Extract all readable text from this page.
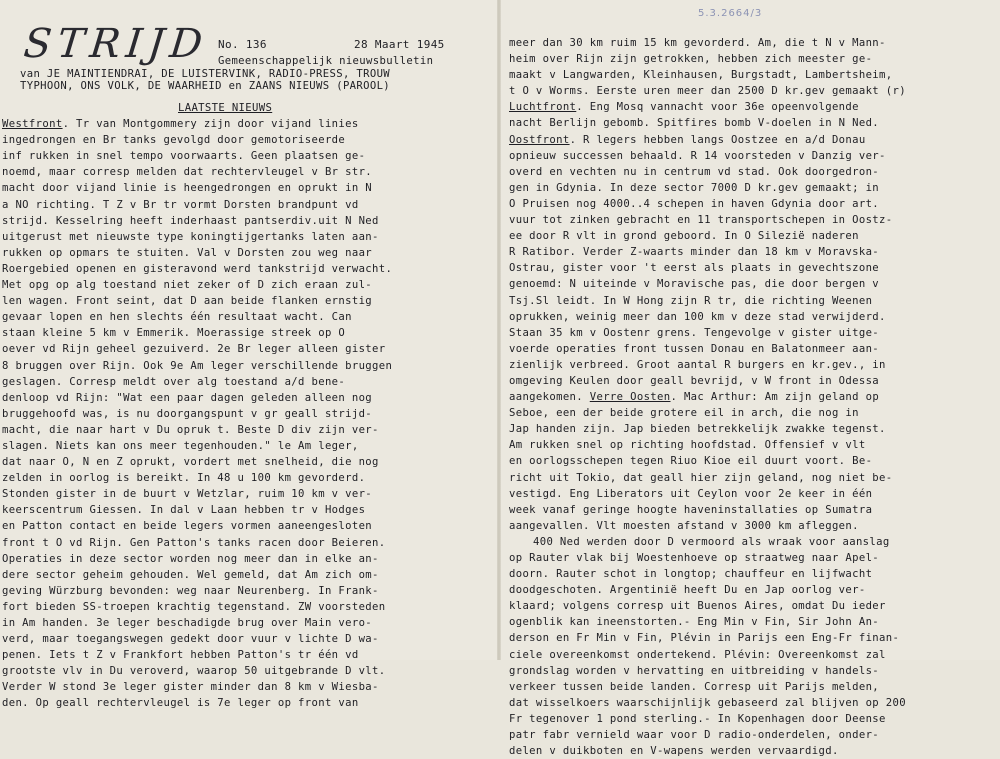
5.3.2664/3
STRIJD No. 136	28 Maart 1945
Gemeenschappelijk nieuwsbulletin
van JE MAINTIENDRAI, DE LUISTERVINK, RADIO-PRESS, TROUW
TYPHOON, ONS VOLK, DE WAARHEID en ZAANS NIEUWS (PAROOL)
LAATSTE NIEUWS
Westfront. Tr van Montgommery zijn door vijand linies
ingedrongen en Br tanks gevolgd door gemotoriseerde
inf rukken in snel tempo voorwaarts. Geen plaatsen ge-
noemd, maar corresp melden dat rechtervleugel v Br str.
macht door vijand linie is heengedrongen en oprukt in N
a NO richting. T Z v Br tr vormt Dorsten brandpunt vd
strijd. Kesselring heeft inderhaast pantserdiv.uit N Ned
uitgerust met nieuwste type koningtijgertanks laten aan-
rukken op opmars te stuiten. Val v Dorsten zou weg naar
Roergebied openen en gisteravond werd tankstrijd verwacht.
Met opg op alg toestand niet zeker of D zich eraan zul-
len wagen. Front seint, dat D aan beide flanken ernstig
gevaar lopen en hen slechts één resultaat wacht. Can
staan kleine 5 km v Emmerik. Moerassige streek op O
oever vd Rijn geheel gezuiverd. 2e Br leger alleen gister
8 bruggen over Rijn. Ook 9e Am leger verschillende bruggen
geslagen. Corresp meldt over alg toestand a/d bene-
denloop vd Rijn: "Wat een paar dagen geleden alleen nog
bruggehoofd was, is nu doorgangspunt v gr geall strijd-
macht, die naar hart v Du opruk t. Beste D div zijn ver-
slagen. Niets kan ons meer tegenhouden." le Am leger,
dat naar O, N en Z oprukt, vordert met snelheid, die nog
zelden in oorlog is bereikt. In 48 u 100 km gevorderd.
Stonden gister in de buurt v Wetzlar, ruim 10 km v ver-
keerscentrum Giessen. In dal v Laan hebben tr v Hodges
en Patton contact en beide legers vormen aaneengesloten
front t O vd Rijn. Gen Patton's tanks racen door Beieren.
Operaties in deze sector worden nog meer dan in elke an-
dere sector geheim gehouden. Wel gemeld, dat Am zich om-
geving Würzburg bevonden: weg naar Neurenberg. In Frank-
fort bieden SS-troepen krachtig tegenstand. ZW voorsteden
in Am handen. 3e leger beschadigde brug over Main vero-
verd, maar toegangswegen gedekt door vuur v lichte D wa-
penen. Iets t Z v Frankfort hebben Patton's tr één vd
grootste vlv in Du veroverd, waarop 50 uitgebrande D vlt.
Verder W stond 3e leger gister minder dan 8 km v Wiesba-
den. Op geall rechtervleugel is 7e leger op front van
meer dan 30 km ruim 15 km gevorderd. Am, die t N v Mann-
heim over Rijn zijn getrokken, hebben zich meester ge-
maakt v Langwarden, Kleinhausen, Burgstadt, Lambertsheim,
t O v Worms. Eerste uren meer dan 2500 D kr.gev gemaakt (r)
Luchtfront. Eng Mosq vannacht voor 36e opeenvolgende
nacht Berlijn gebomb. Spitfires bomb V-doelen in N Ned.
Oostfront. R legers hebben langs Oostzee en a/d Donau
opnieuw successen behaald. R 14 voorsteden v Danzig ver-
overd en vechten nu in centrum vd stad. Ook doorgedron-
gen in Gdynia. In deze sector 7000 D kr.gev gemaakt; in
O Pruisen nog 4000..4 schepen in haven Gdynia door art.
vuur tot zinken gebracht en 11 transportschepen in Oostz-
ee door R vlt in grond geboord. In O Silezië naderen
R Ratibor. Verder Z-waarts minder dan 18 km v Moravska-
Ostrau, gister voor 't eerst als plaats in gevechtszone
genoemd: N uiteinde v Moravische pas, die door bergen v
Tsj.Sl leidt. In W Hong zijn R tr, die richting Weenen
oprukken, weinig meer dan 100 km v deze stad verwijderd.
Staan 35 km v Oostenr grens. Tengevolge v gister uitge-
voerde operaties front tussen Donau en Balatonmeer aan-
zienlijk verbreed. Groot aantal R burgers en kr.gev., in
omgeving Keulen door geall bevrijd, v W front in Odessa
aangekomen. Verre Oosten. Mac Arthur: Am zijn geland op
Seboe, een der beide grotere eil in arch, die nog in
Jap handen zijn. Jap bieden betrekkelijk zwakke tegenst.
Am rukken snel op richting hoofdstad. Offensief v vlt
en oorlogsschepen tegen Riuo Kioe eil duurt voort. Be-
richt uit Tokio, dat geall hier zijn geland, nog niet be-
vestigd. Eng Liberators uit Ceylon voor 2e keer in één
week vanaf geringe hoogte haveninstallaties op Sumatra
aangevallen. Vlt moesten afstand v 3000 km afleggen.
400 Ned werden door D vermoord als wraak voor aanslag
op Rauter vlak bij Woestenhoeve op straatweg naar Apel-
doorn. Rauter schot in longtop; chauffeur en lijfwacht
doodgeschoten. Argentinië heeft Du en Jap oorlog ver-
klaard; volgens corresp uit Buenos Aires, omdat Du ieder
ogenblik kan ineenstorten.- Eng Min v Fin, Sir John An-
derson en Fr Min v Fin, Plévin in Parijs een Eng-Fr finan-
ciele overeenkomst ondertekend. Plévin: Overeenkomst zal
grondslag worden v hervatting en uitbreiding v handels-
verkeer tussen beide landen. Corresp uit Parijs melden,
dat wisselkoers waarschijnlijk gebaseerd zal blijven op 200
Fr tegenover 1 pond sterling.- In Kopenhagen door Deense
patr fabr vernield waar voor D radio-onderdelen, onder-
delen v duikboten en V-wapens werden vervaardigd.
